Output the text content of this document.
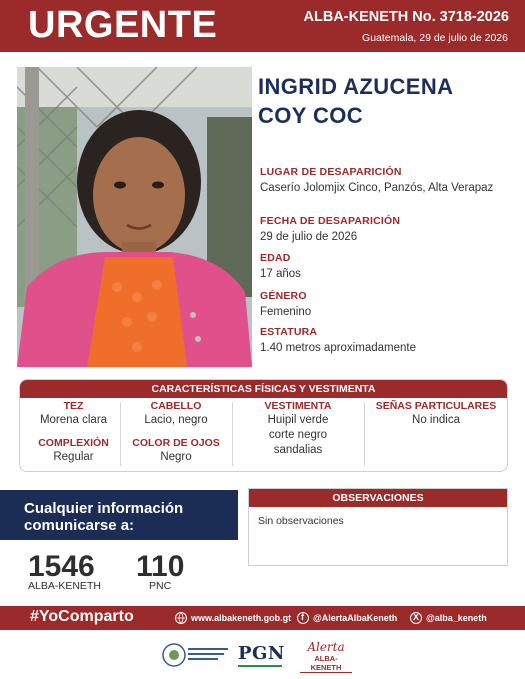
URGENTE	ALBA-KENETH No. 3718-2026
Guatemala, 29 de julio de 2026
INGRID AZUCENA
COY COC
LUGAR DE DESAPARICIÓN
Caserío Jolomjix Cinco, Panzós, Alta Verapaz
FECHA DE DESAPARICIÓN
29 de julio de 2026
EDAD
17 años
GÉNERO
Femenino
ESTATURA
1.40 metros aproximadamente
CARACTERÍSTICAS FÍSICAS Y VESTIMENTA
TEZ
Morena clara
COMPLEXIÓN
Regular
CABELLO
Lacio, negro
COLOR DE OJOS
Negro
VESTIMENTA
Huipil verde
corte negro
sandalias
SEÑAS PARTICULARES
No indica
Cualquier información
comunicarse a:
1546
ALBA-KENETH
110
PNC
OBSERVACIONES
Sin observaciones
#YoComparto	www.albakeneth.gob.gt f @AlertaAlbaKeneth X @alba_keneth
PGN	Alerta
ALBA-KENETH
